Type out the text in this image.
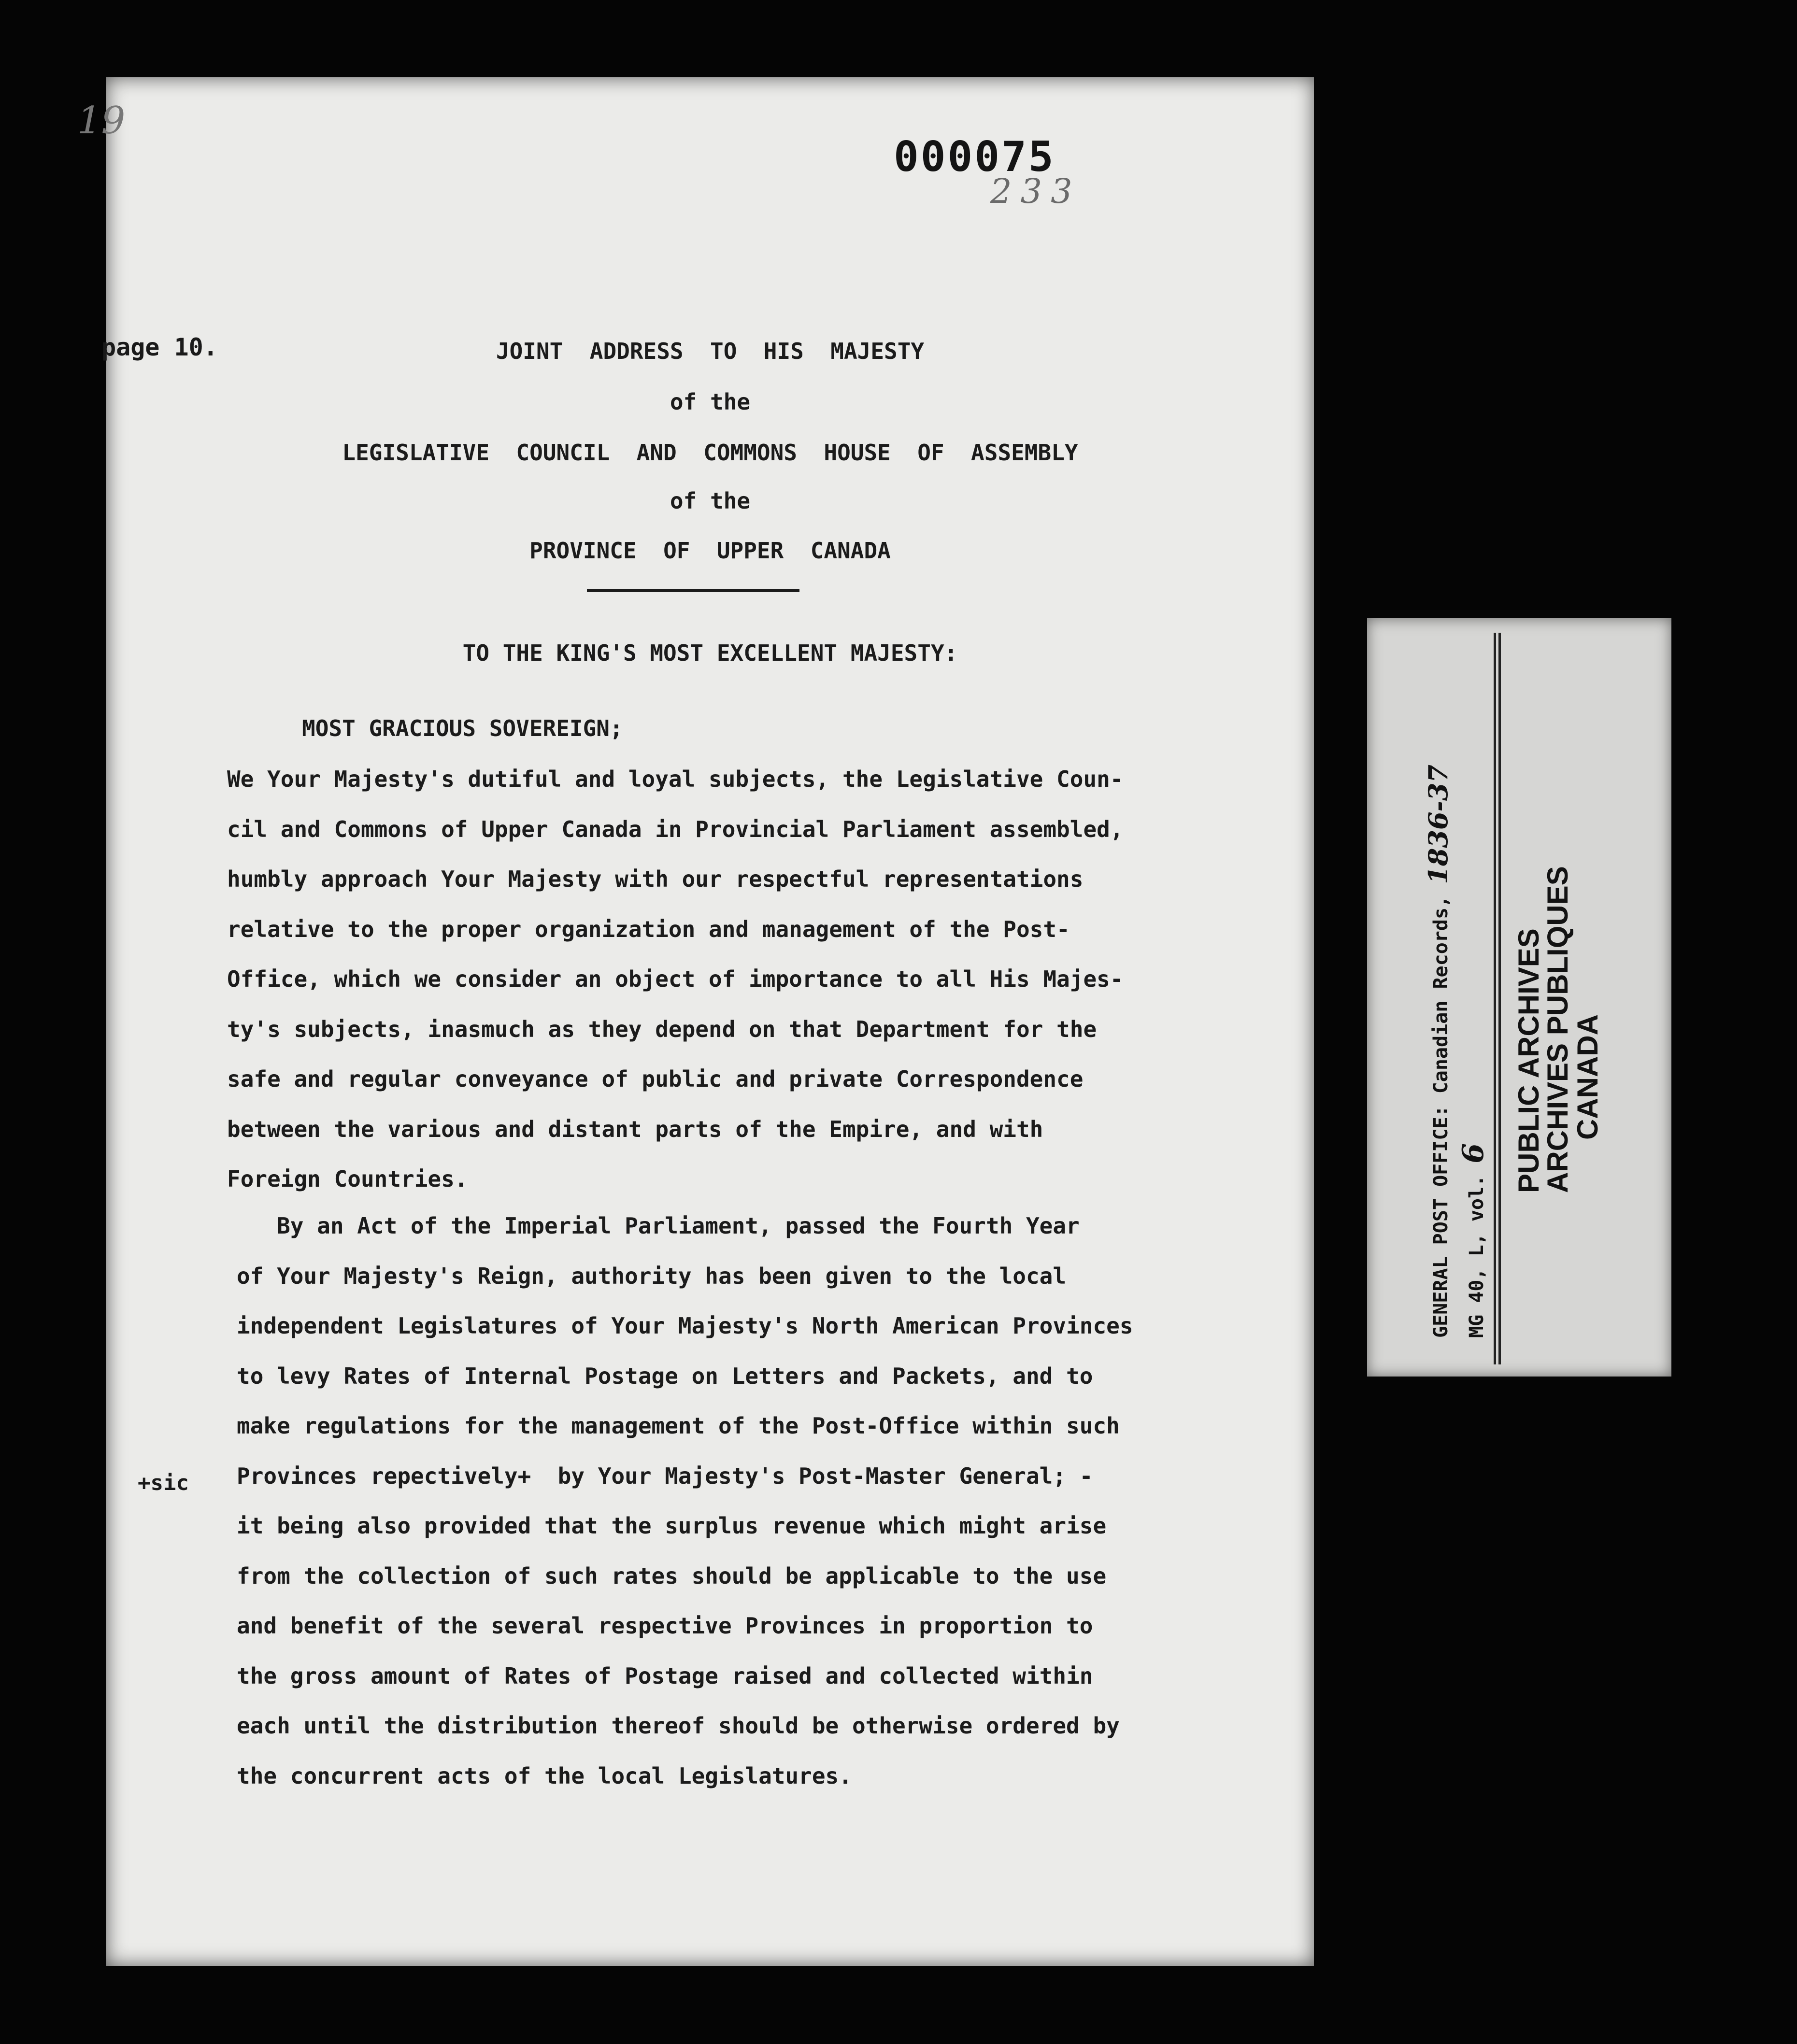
19
000075
233
page 10.	JOINT  ADDRESS  TO  HIS  MAJESTY
of the
LEGISLATIVE  COUNCIL  AND  COMMONS  HOUSE  OF  ASSEMBLY
of the
PROVINCE  OF  UPPER  CANADA
TO THE KING'S MOST EXCELLENT MAJESTY:
MOST GRACIOUS SOVEREIGN;
+sic
We Your Majesty's dutiful and loyal subjects, the Legislative Coun-
cil and Commons of Upper Canada in Provincial Parliament assembled,
humbly approach Your Majesty with our respectful representations
relative to the proper organization and management of the Post-
Office, which we consider an object of importance to all His Majes-
ty's subjects, inasmuch as they depend on that Department for the
safe and regular conveyance of public and private Correspondence
between the various and distant parts of the Empire, and with
Foreign Countries.
By an Act of the Imperial Parliament, passed the Fourth Year
of Your Majesty's Reign, authority has been given to the local
independent Legislatures of Your Majesty's North American Provinces
to levy Rates of Internal Postage on Letters and Packets, and to
make regulations for the management of the Post-Office within such
Provinces repectively+  by Your Majesty's Post-Master General; -
it being also provided that the surplus revenue which might arise
from the collection of such rates should be applicable to the use
and benefit of the several respective Provinces in proportion to
the gross amount of Rates of Postage raised and collected within
each until the distribution thereof should be otherwise ordered by
the concurrent acts of the local Legislatures.
GENERAL POST OFFICE: Canadian Records, 1836-37
MG 40, L, vol. 6 PUBLIC ARCHIVES
ARCHIVES PUBLIQUES
CANADA
